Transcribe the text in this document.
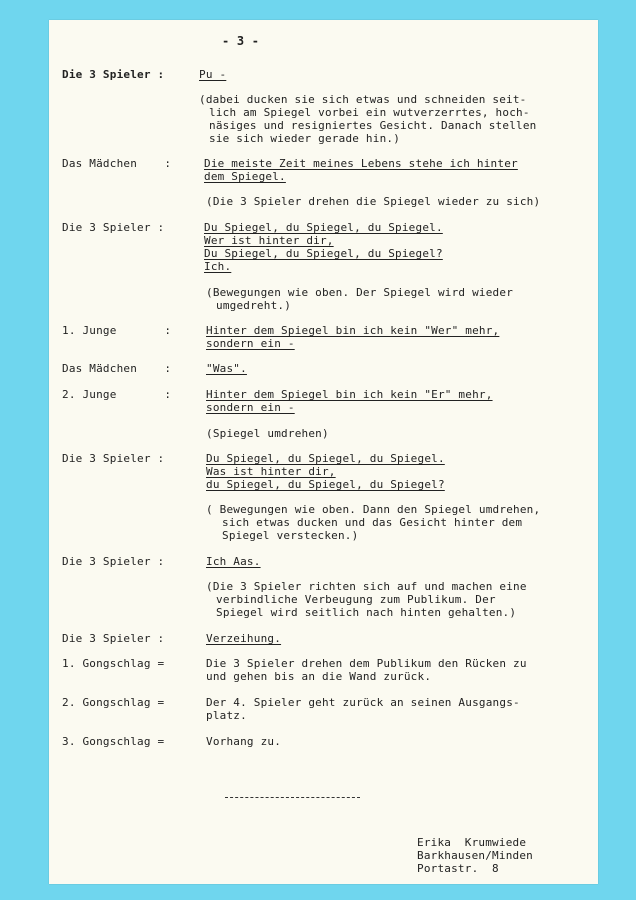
- 3 -
Die 3 Spieler :	Pu -
(dabei ducken sie sich etwas und schneiden seit-
lich am Spiegel vorbei ein wutverzerrtes, hoch-
näsiges und resigniertes Gesicht. Danach stellen
sie sich wieder gerade hin.)
Das Mädchen    :	Die meiste Zeit meines Lebens stehe ich hinter
dem Spiegel.
(Die 3 Spieler drehen die Spiegel wieder zu sich)
Die 3 Spieler :	Du Spiegel, du Spiegel, du Spiegel.
Wer ist hinter dir,
Du Spiegel, du Spiegel, du Spiegel?
Ich.
(Bewegungen wie oben. Der Spiegel wird wieder
umgedreht.)
1. Junge       :	Hinter dem Spiegel bin ich kein "Wer" mehr,
sondern ein -
Das Mädchen    :	"Was".
2. Junge       :	Hinter dem Spiegel bin ich kein "Er" mehr,
sondern ein -
(Spiegel umdrehen)
Die 3 Spieler :	Du Spiegel, du Spiegel, du Spiegel.
Was ist hinter dir,
du Spiegel, du Spiegel, du Spiegel?
( Bewegungen wie oben. Dann den Spiegel umdrehen,
sich etwas ducken und das Gesicht hinter dem
Spiegel verstecken.)
Die 3 Spieler :	Ich Aas.
(Die 3 Spieler richten sich auf und machen eine
verbindliche Verbeugung zum Publikum. Der
Spiegel wird seitlich nach hinten gehalten.)
Die 3 Spieler :	Verzeihung.
1. Gongschlag =	Die 3 Spieler drehen dem Publikum den Rücken zu
und gehen bis an die Wand zurück.
2. Gongschlag =	Der 4. Spieler geht zurück an seinen Ausgangs-
platz.
3. Gongschlag =	Vorhang zu.
Erika  Krumwiede
Barkhausen/Minden
Portastr.  8
